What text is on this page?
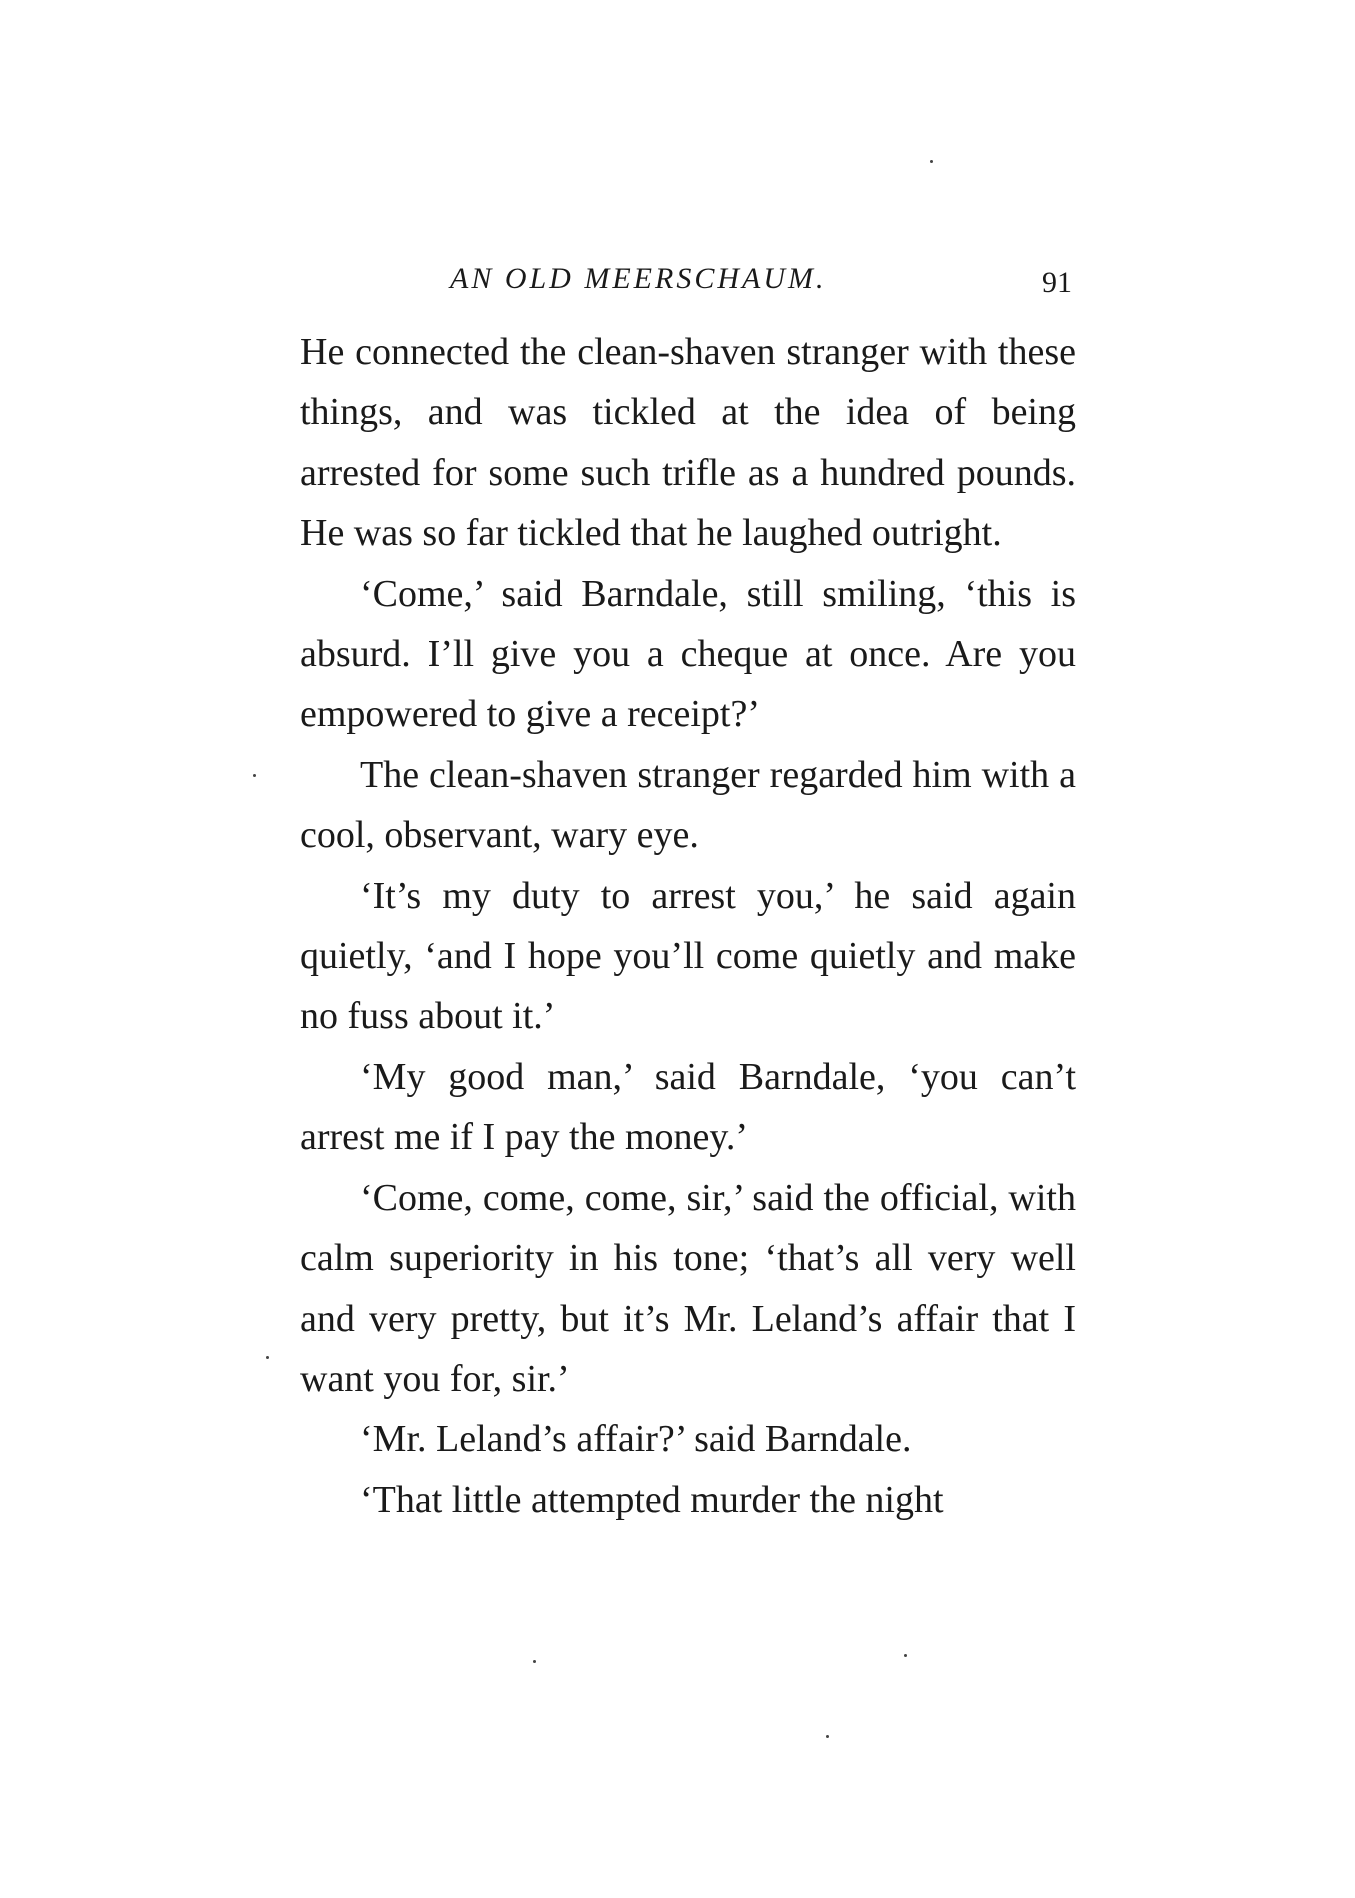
AN OLD MEERSCHAUM.	91

He connected the clean-shaven stranger with these things, and was tickled at the idea of being arrested for some such trifle as a hundred pounds. He was so far tickled that he laughed outright.

‘Come,’ said Barndale, still smiling, ‘this is absurd. I’ll give you a cheque at once. Are you empowered to give a receipt?’

The clean-shaven stranger regarded him with a cool, observant, wary eye.

‘It’s my duty to arrest you,’ he said again quietly, ‘and I hope you’ll come quietly and make no fuss about it.’

‘My good man,’ said Barndale, ‘you can’t arrest me if I pay the money.’

‘Come, come, come, sir,’ said the official, with calm superiority in his tone; ‘that’s all very well and very pretty, but it’s Mr. Leland’s affair that I want you for, sir.’

‘Mr. Leland’s affair?’ said Barndale.

‘That little attempted murder the night
